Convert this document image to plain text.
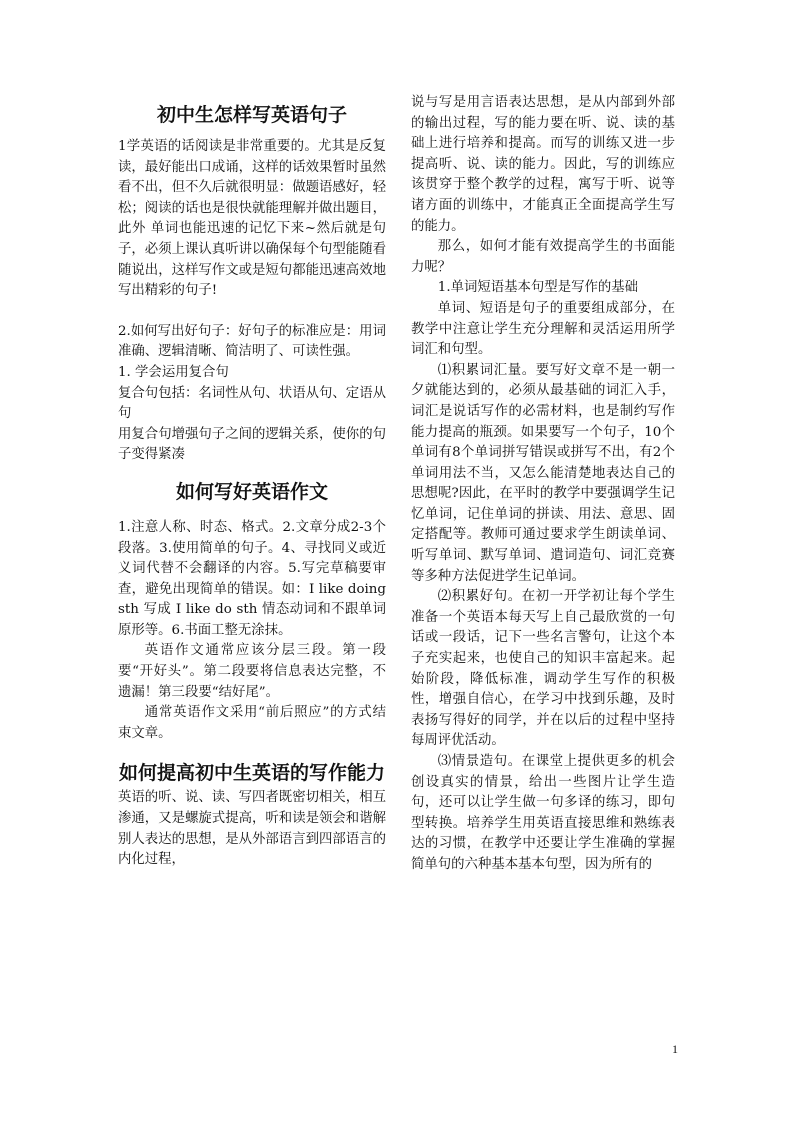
初中生怎样写英语句子

1学英语的话阅读是非常重要的。尤其是反复读，最好能出口成诵，这样的话效果暂时虽然看不出，但不久后就很明显：做题语感好，轻松；阅读的话也是很快就能理解并做出题目，此外 单词也能迅速的记忆下来~然后就是句子，必须上课认真听讲以确保每个句型能随看随说出，这样写作文或是短句都能迅速高效地写出精彩的句子!

2.如何写出好句子：好句子的标准应是：用词准确、逻辑清晰、简洁明了、可读性强。

1. 学会运用复合句

复合句包括：名词性从句、状语从句、定语从句

用复合句增强句子之间的逻辑关系，使你的句子变得紧凑

如何写好英语作文

1.注意人称、时态、格式。2.文章分成2-3个段落。3.使用简单的句子。4、寻找同义或近义词代替不会翻译的内容。5.写完草稿要审查，避免出现简单的错误。如：I like doing sth 写成 I like do sth 情态动词和不跟单词原形等。6.书面工整无涂抹。

英语作文通常应该分层三段。第一段要“开好头”。第二段要将信息表达完整，不遗漏！第三段要“结好尾”。

通常英语作文采用“前后照应”的方式结束文章。

如何提高初中生英语的写作能力

英语的听、说、读、写四者既密切相关，相互渗通，又是螺旋式提高，听和读是领会和谐解别人表达的思想，是从外部语言到四部语言的内化过程，

说与写是用言语表达思想，是从内部到外部的输出过程，写的能力要在听、说、读的基础上进行培养和提高。而写的训练又进一步提高听、说、读的能力。因此，写的训练应该贯穿于整个教学的过程，寓写于听、说等诸方面的训练中，才能真正全面提高学生写的能力。

那么，如何才能有效提高学生的书面能力呢？

1.单词短语基本句型是写作的基础

单词、短语是句子的重要组成部分，在教学中注意让学生充分理解和灵活运用所学词汇和句型。

⑴积累词汇量。要写好文章不是一朝一夕就能达到的，必须从最基础的词汇入手，词汇是说话写作的必需材料，也是制约写作能力提高的瓶颈。如果要写一个句子，10个单词有8个单词拼写错误或拼写不出，有2个单词用法不当，又怎么能清楚地表达自己的思想呢?因此，在平时的教学中要强调学生记忆单词，记住单词的拼读、用法、意思、固定搭配等。教师可通过要求学生朗读单词、听写单词、默写单词、遣词造句、词汇竞赛等多种方法促进学生记单词。

⑵积累好句。在初一开学初让每个学生准备一个英语本每天写上自己最欣赏的一句话或一段话，记下一些名言警句，让这个本子充实起来，也使自己的知识丰富起来。起始阶段，降低标准，调动学生写作的积极性，增强自信心，在学习中找到乐趣，及时表扬写得好的同学，并在以后的过程中坚持每周评优活动。

⑶情景造句。在课堂上提供更多的机会创设真实的情景，给出一些图片让学生造句，还可以让学生做一句多译的练习，即句型转换。培养学生用英语直接思维和熟练表达的习惯，在教学中还要让学生准确的掌握简单句的六种基本基本句型，因为所有的

1
